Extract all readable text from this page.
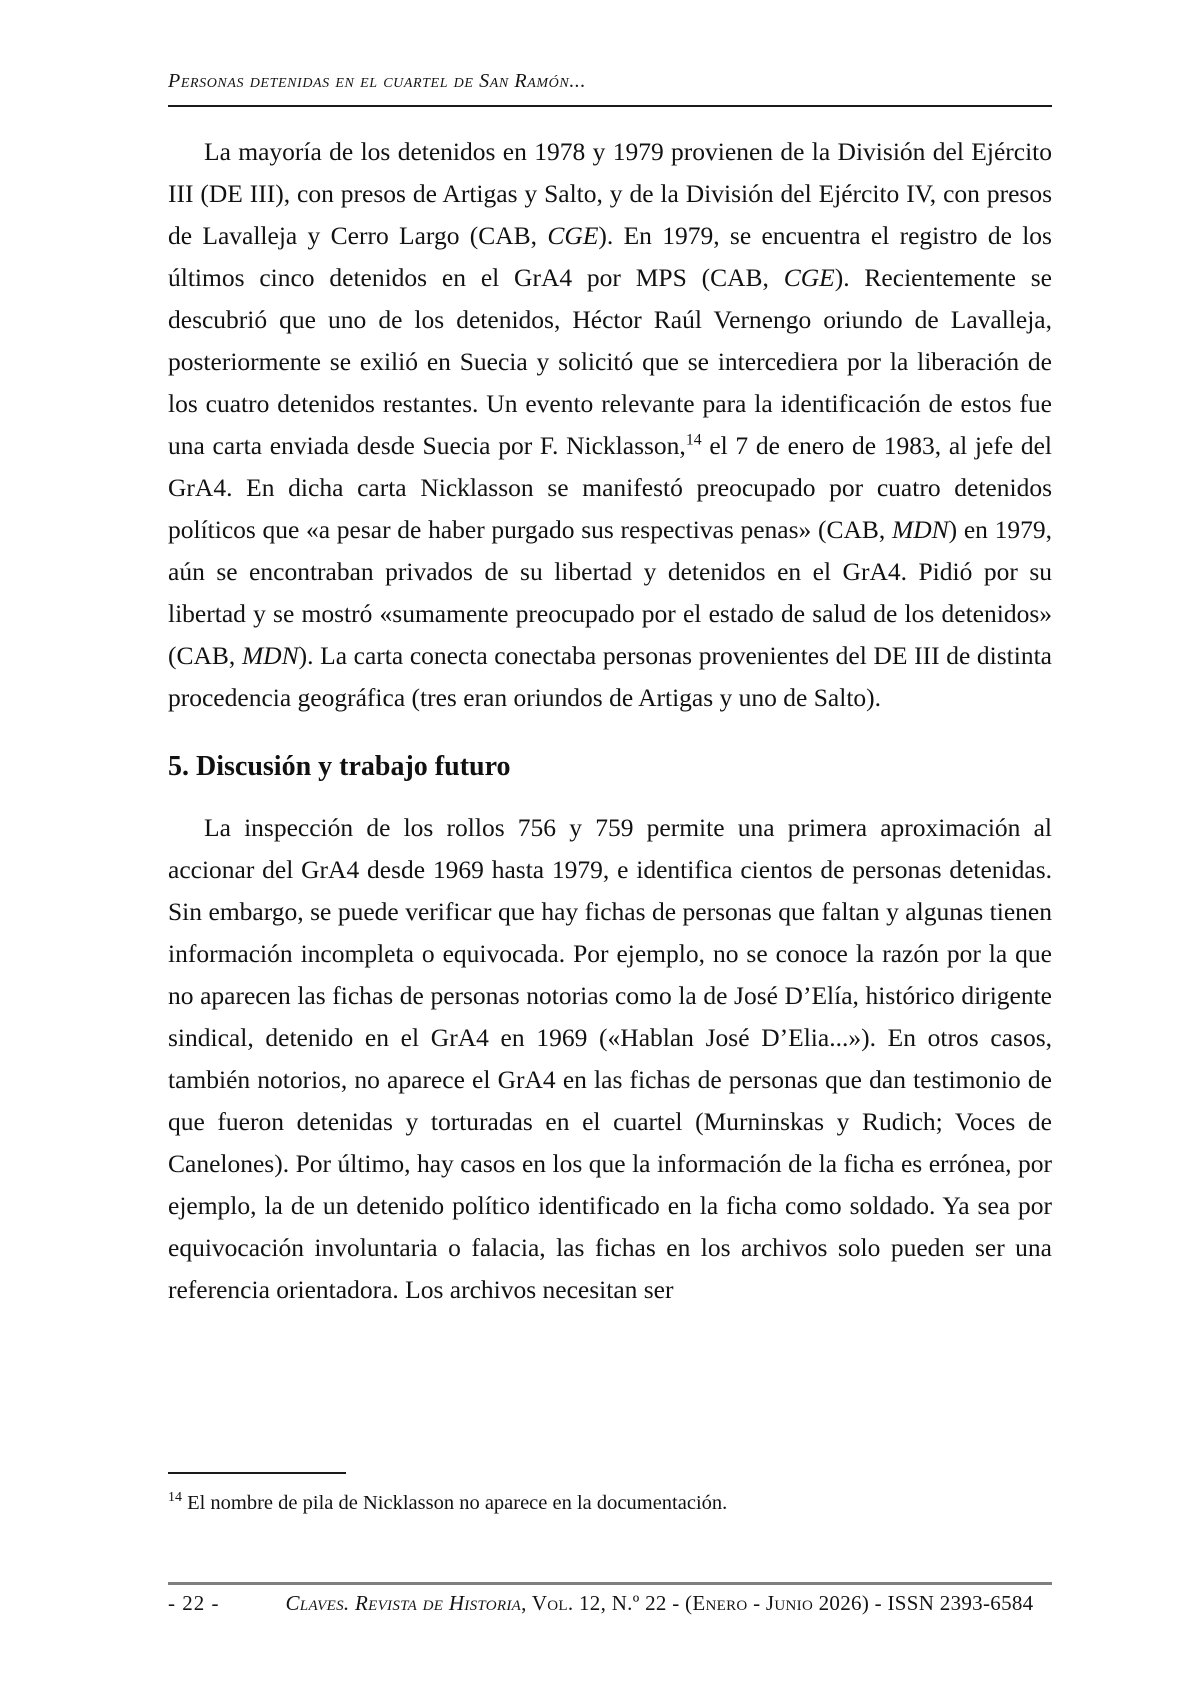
Personas detenidas en el cuartel de San Ramón...

La mayoría de los detenidos en 1978 y 1979 provienen de la División del Ejército III (DE III), con presos de Artigas y Salto, y de la División del Ejército IV, con presos de Lavalleja y Cerro Largo (CAB, CGE). En 1979, se encuentra el registro de los últimos cinco detenidos en el GrA4 por MPS (CAB, CGE). Recientemente se descubrió que uno de los detenidos, Héctor Raúl Vernengo oriundo de Lavalleja, posteriormente se exilió en Suecia y solicitó que se intercediera por la liberación de los cuatro detenidos restantes. Un evento relevante para la identificación de estos fue una carta enviada desde Suecia por F. Nicklasson,$^{14}$ el 7 de enero de 1983, al jefe del GrA4. En dicha carta Nicklasson se manifestó preocupado por cuatro detenidos políticos que «a pesar de haber purgado sus respectivas penas» (CAB, MDN) en 1979, aún se encontraban privados de su libertad y detenidos en el GrA4. Pidió por su libertad y se mostró «sumamente preocupado por el estado de salud de los detenidos» (CAB, MDN). La carta conecta conectaba personas provenientes del DE III de distinta procedencia geográfica (tres eran oriundos de Artigas y uno de Salto).

5. Discusión y trabajo futuro

La inspección de los rollos 756 y 759 permite una primera aproximación al accionar del GrA4 desde 1969 hasta 1979, e identifica cientos de personas detenidas. Sin embargo, se puede verificar que hay fichas de personas que faltan y algunas tienen información incompleta o equivocada. Por ejemplo, no se conoce la razón por la que no aparecen las fichas de personas notorias como la de José D’Elía, histórico dirigente sindical, detenido en el GrA4 en 1969 («Hablan José D’Elia...»). En otros casos, también notorios, no aparece el GrA4 en las fichas de personas que dan testimonio de que fueron detenidas y torturadas en el cuartel (Murninskas y Rudich; Voces de Canelones). Por último, hay casos en los que la información de la ficha es errónea, por ejemplo, la de un detenido político identificado en la ficha como soldado. Ya sea por equivocación involuntaria o falacia, las fichas en los archivos solo pueden ser una referencia orientadora. Los archivos necesitan ser

$^{14}$ El nombre de pila de Nicklasson no aparece en la documentación.
- 22 -	Claves. Revista de Historia, Vol. 12, N.º 22 - (Enero - Junio 2026) - ISSN 2393-6584
